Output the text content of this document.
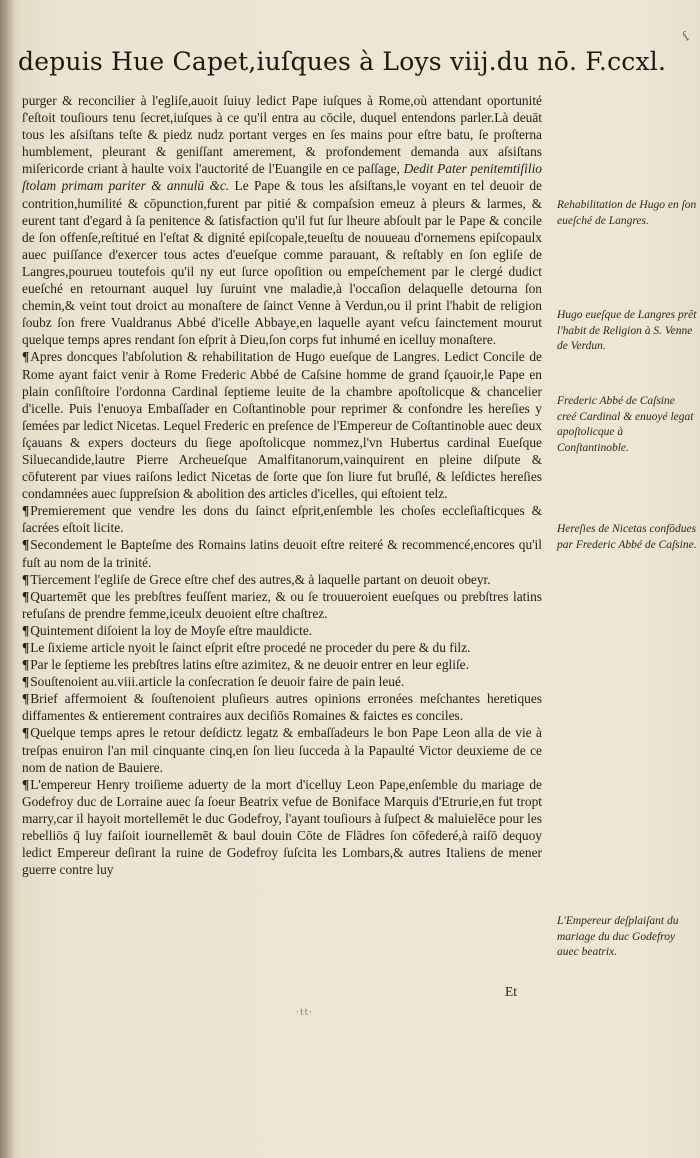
depuis Hue Capet,iuſques à Loys viij.du nō. F.ccxl.
ſ

purger & reconcilier à l'egliſe,auoit ſuiuy ledict Pape iuſques à Rome,où attendant oportunité ſ'eſtoit touſiours tenu ſecret,iuſques à ce qu'il entra au cōcile, duquel entendons parler.Là deuāt tous les aſsiſtans teſte & piedz nudz portant verges en ſes mains pour eſtre batu, ſe proſterna humblement, pleurant & geniſſant amerement, & profondement demanda aux aſsiſtans miſericorde criant à haulte voix l'auctorité de l'Euangile en ce paſſage, Dedit Pater penitemtiſilio ſtolam primam pariter & annulū &c. Le Pape & tous les aſsiſtans,le voyant en tel deuoir de contrition,humilité & cōpunction,furent par pitié & compaſsion emeuz à pleurs & larmes, & eurent tant d'egard à ſa penitence & ſatisfaction qu'il fut ſur lheure abſoult par le Pape & concile de ſon offenſe,reſtitué en l'eſtat & dignité epiſcopale,teueſtu de nouueau d'ornemens epiſcopaulx auec puiſſance d'exercer tous actes d'eueſque comme parauant, & reſtably en ſon egliſe de Langres,pourueu toutefois qu'il ny eut ſurce opoſition ou empeſchement par le clergé dudict eueſché en retournant auquel luy ſuruint vne maladie,à l'occaſion delaquelle detourna ſon chemin,& veint tout droict au monaſtere de ſainct Venne à Verdun,ou il print l'habit de religion ſoubz ſon frere Vualdranus Abbé d'icelle Abbaye,en laquelle ayant veſcu ſainctement mourut quelque temps apres rendant ſon eſprit à Dieu,ſon corps fut inhumé en icelluy monaſtere.

¶Apres doncques l'abſolution & rehabilitation de Hugo eueſque de Langres. Ledict Concile de Rome ayant faict venir à Rome Frederic Abbé de Caſsine homme de grand ſçauoir,le Pape en plain conſiſtoire l'ordonna Cardinal ſeptieme leuite de la chambre apoſtolicque & chancelier d'icelle. Puis l'enuoya Embaſſader en Coſtantinoble pour reprimer & confondre les hereſies y ſemées par ledict Nicetas. Lequel Frederic en preſence de l'Empereur de Coſtantinoble auec deux ſçauans & expers docteurs du ſiege apoſtolicque nommez,l'vn Hubertus cardinal Eueſque Siluecandide,lautre Pierre Archeueſque Amalfitanorum,vainquirent en pleine diſpute & cōfuterent par viues raiſons ledict Nicetas de ſorte que ſon liure fut bruſlé, & leſdictes hereſies condamnées auec ſuppreſsion & abolition des articles d'icelles, qui eſtoient telz.

¶Premierement que vendre les dons du ſainct eſprit,enſemble les choſes eccleſiaſticques & ſacrées eſtoit licite.

¶Secondement le Bapteſme des Romains latins deuoit eſtre reiteré & recommencé,encores qu'il fuſt au nom de la trinité.

¶Tiercement l'egliſe de Grece eſtre chef des autres,& à laquelle partant on deuoit obeyr.

¶Quartemēt que les prebſtres feuſſent mariez, & ou ſe trouueroient eueſques ou prebſtres latins refuſans de prendre femme,iceulx deuoient eſtre chaſtrez.

¶Quintement diſoient la loy de Moyſe eſtre mauldicte.

¶Le ſixieme article nyoit le ſainct eſprit eſtre procedé ne proceder du pere & du filz.

¶Par le ſeptieme les prebſtres latins eſtre azimitez, & ne deuoir entrer en leur egliſe.

¶Souſtenoient au.viii.article la conſecration ſe deuoir faire de pain leué.

¶Brief affermoient & ſouſtenoient pluſieurs autres opinions erronées meſchantes heretiques diffamentes & entierement contraires aux deciſiōs Romaines & faictes es conciles.

¶Quelque temps apres le retour deſdictz legatz & embaſſadeurs le bon Pape Leon alla de vie à treſpas enuiron l'an mil cinquante cinq,en ſon lieu ſucceda à la Papaulté Victor deuxieme de ce nom de nation de Bauiere.

¶L'empereur Henry troiſieme aduerty de la mort d'icelluy Leon Pape,enſemble du mariage de Godefroy duc de Lorraine auec ſa ſoeur Beatrix vefue de Boniface Marquis d'Etrurie,en fut tropt marry,car il hayoit mortellemēt le duc Godefroy, l'ayant touſiours à ſuſpect & maluielēce pour les rebelliōs q̄ luy faiſoit iournellemēt & baul douin Cōte de Flādres ſon cōfederé,à raiſō dequoy ledict Empereur deſirant la ruine de Godefroy ſuſcita les Lombars,& autres Italiens de mener guerre contre luy

Rehabilitation de Hugo en ſon eueſché de Langres.
Hugo eueſque de Langres prēt l'habit de Religion à S. Venne de Verdun.
Frederic Abbé de Caſsine creé Cardinal & enuoyé legat apoſtolicque à Conſtantinoble.
Hereſies de Nicetas confōdues par Frederic Abbé de Caſsine.
L'Empereur deſplaiſant du mariage du duc Godefroy auec beatrix.
Et
·tt·
